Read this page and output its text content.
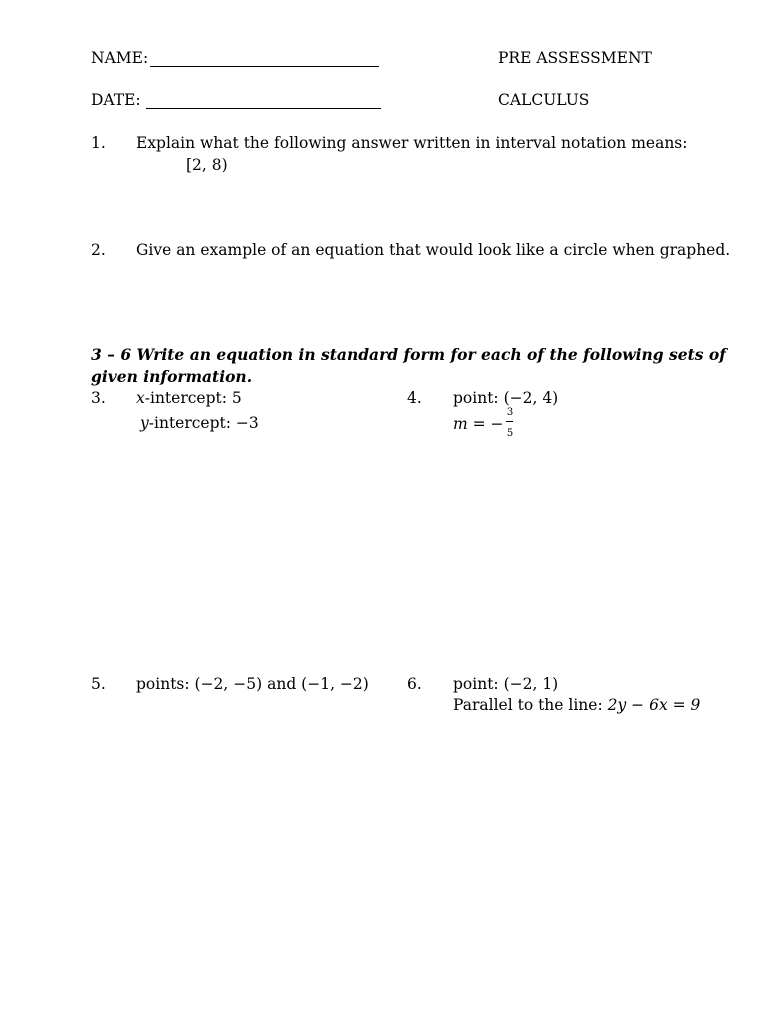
NAME:	PRE ASSESSMENT
DATE:	CALCULUS
1. Explain what the following answer written in interval notation means:
[2, 8)
2. Give an example of an equation that would look like a circle when graphed.
3 – 6 Write an equation in standard form for each of the following sets of
given information.
3. x-intercept: 5
y-intercept: −3
4. point: (−2, 4)
m = −
3
5
5. points: (−2, −5) and (−1, −2) 6. point: (−2, 1)
Parallel to the line: 2y − 6x = 9
